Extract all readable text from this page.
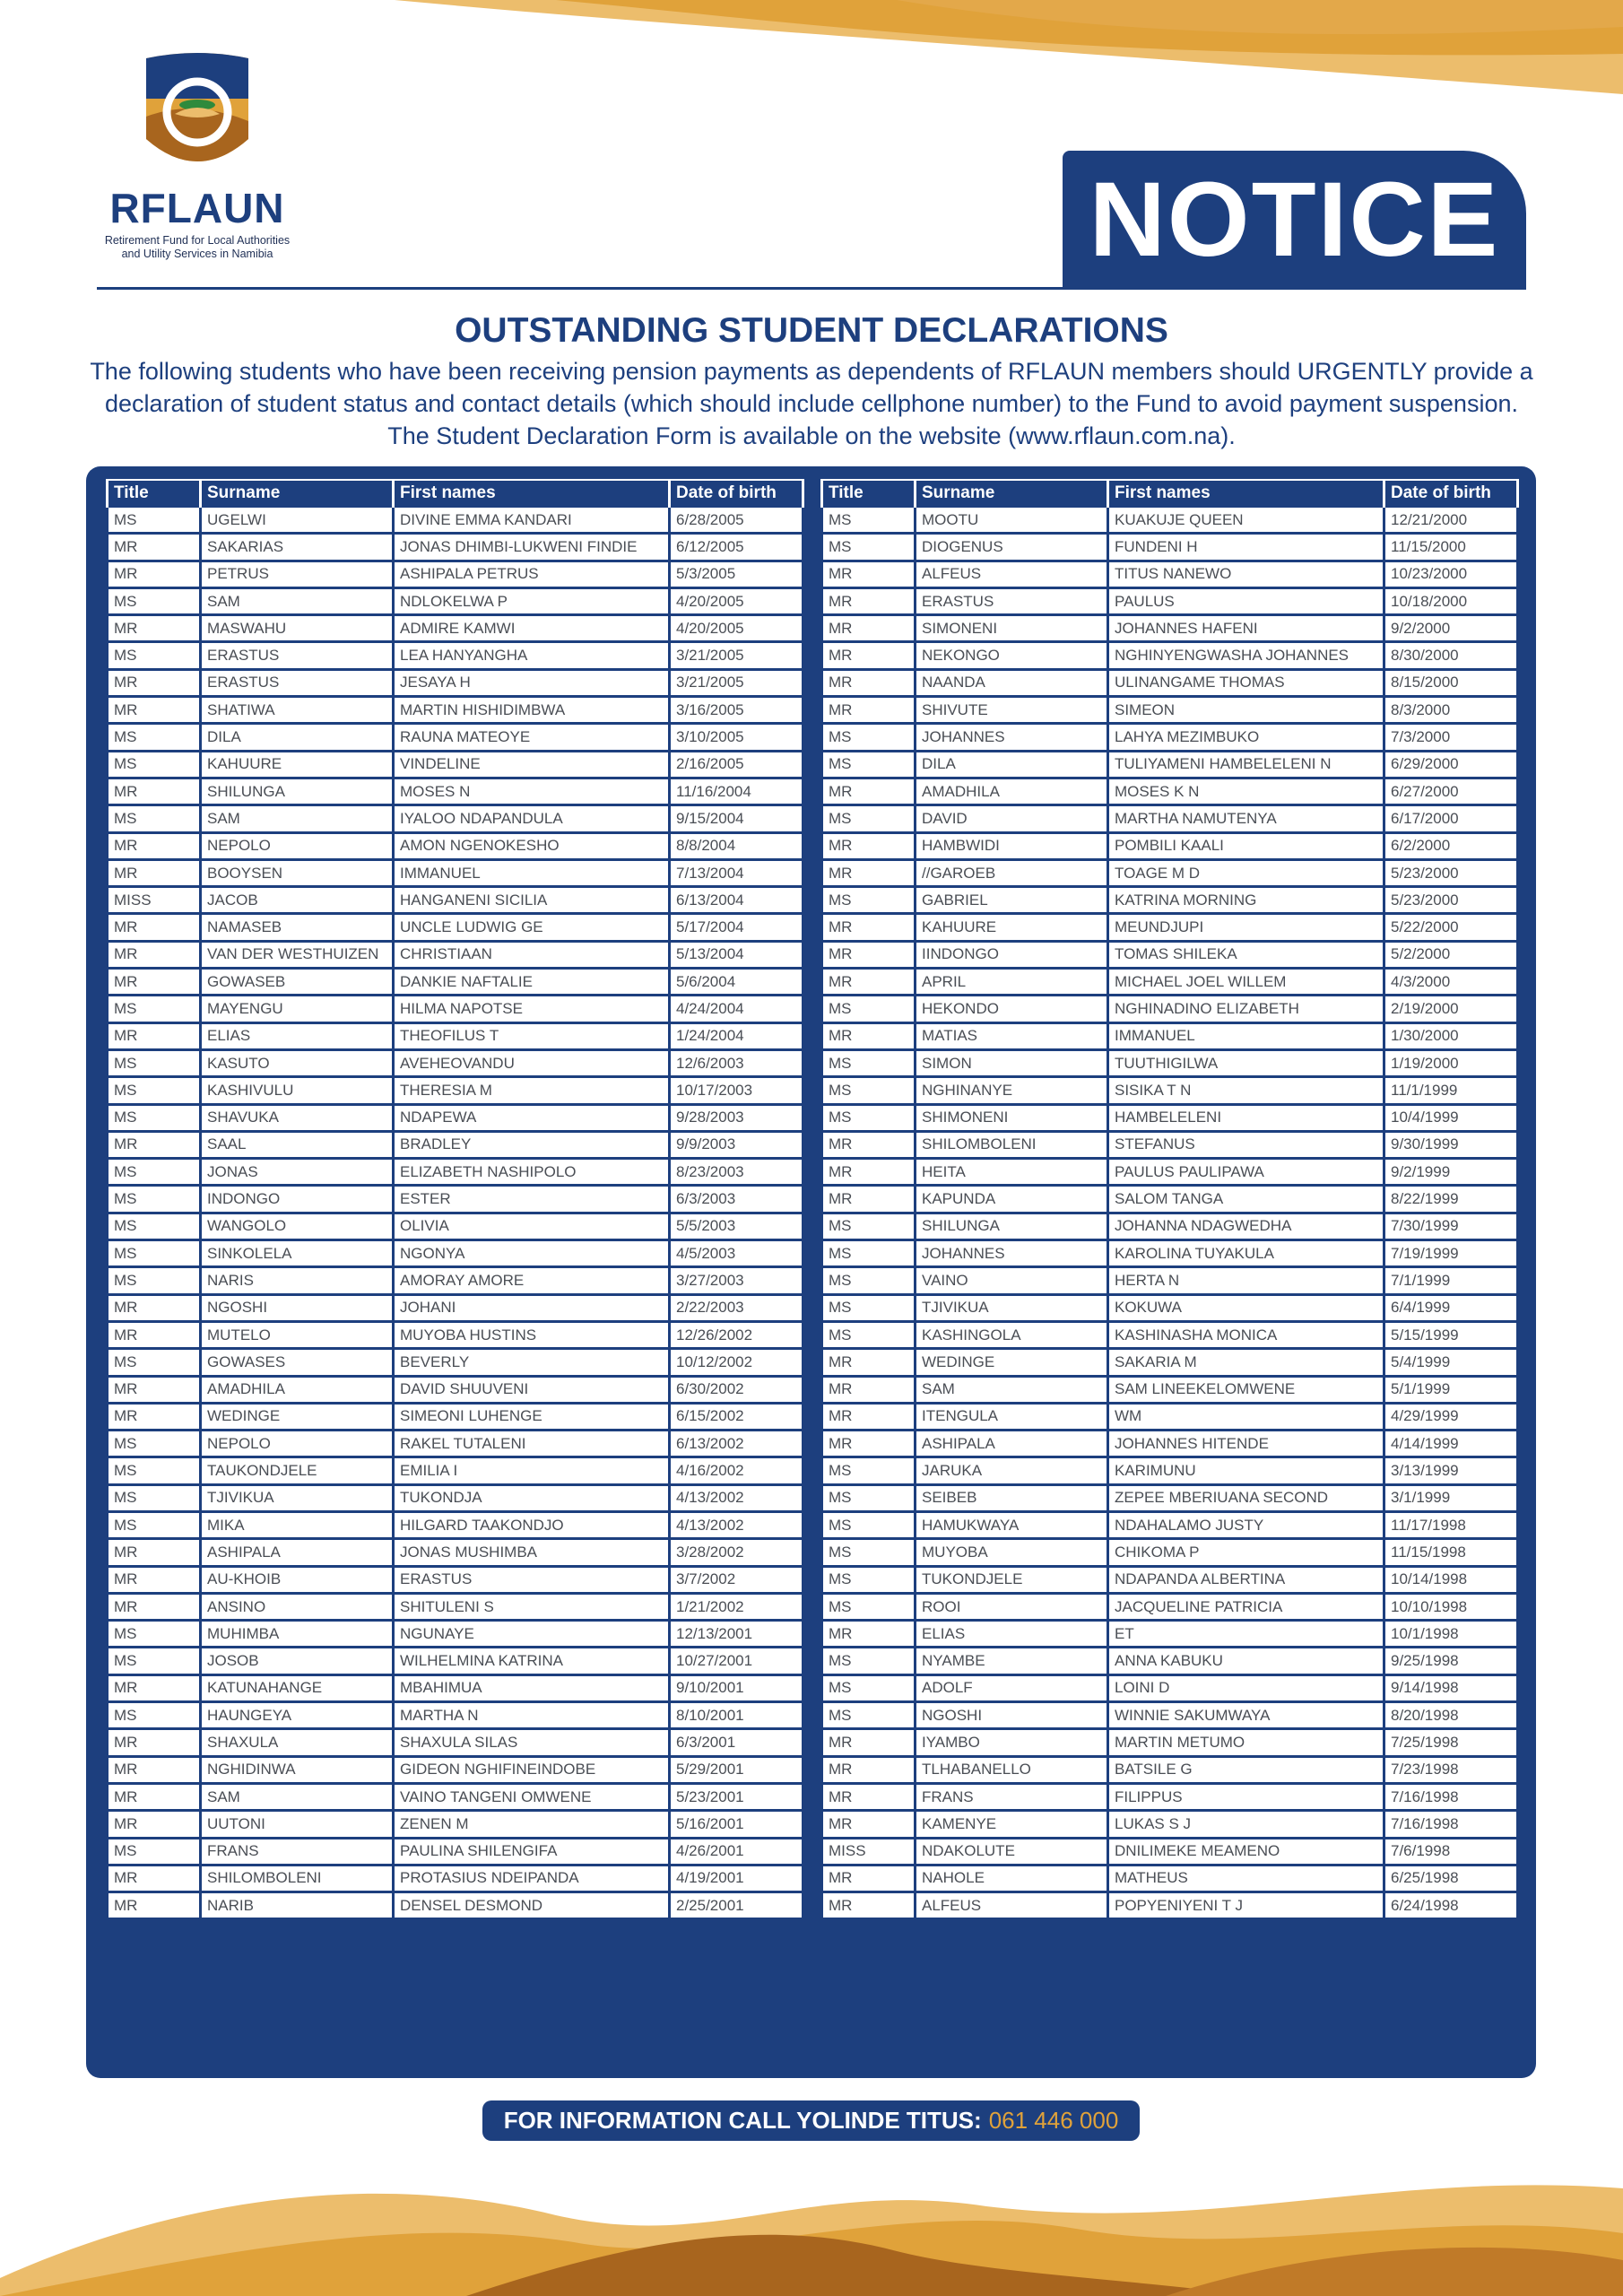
RFLAUN
Retirement Fund for Local Authorities
and Utility Services in Namibia	NOTICE
OUTSTANDING STUDENT DECLARATIONS
The following students who have been receiving pension payments as dependents of RFLAUN members should URGENTLY provide a declaration of student status and contact details (which should include cellphone number) to the Fund to avoid payment suspension. The Student Declaration Form is available on the website (www.rflaun.com.na).
Title	Surname	First names	Date of birth
MS	UGELWI	DIVINE EMMA KANDARI	6/28/2005
MR	SAKARIAS	JONAS DHIMBI-LUKWENI FINDIE	6/12/2005
MR	PETRUS	ASHIPALA PETRUS	5/3/2005
MS	SAM	NDLOKELWA P	4/20/2005
MR	MASWAHU	ADMIRE KAMWI	4/20/2005
MS	ERASTUS	LEA HANYANGHA	3/21/2005
MR	ERASTUS	JESAYA H	3/21/2005
MR	SHATIWA	MARTIN HISHIDIMBWA	3/16/2005
MS	DILA	RAUNA MATEOYE	3/10/2005
MS	KAHUURE	VINDELINE	2/16/2005
MR	SHILUNGA	MOSES N	11/16/2004
MS	SAM	IYALOO NDAPANDULA	9/15/2004
MR	NEPOLO	AMON NGENOKESHO	8/8/2004
MR	BOOYSEN	IMMANUEL	7/13/2004
MISS	JACOB	HANGANENI SICILIA	6/13/2004
MR	NAMASEB	UNCLE LUDWIG GE	5/17/2004
MR	VAN DER WESTHUIZEN	CHRISTIAAN	5/13/2004
MR	GOWASEB	DANKIE NAFTALIE	5/6/2004
MS	MAYENGU	HILMA NAPOTSE	4/24/2004
MR	ELIAS	THEOFILUS T	1/24/2004
MS	KASUTO	AVEHEOVANDU	12/6/2003
MS	KASHIVULU	THERESIA M	10/17/2003
MS	SHAVUKA	NDAPEWA	9/28/2003
MR	SAAL	BRADLEY	9/9/2003
MS	JONAS	ELIZABETH NASHIPOLO	8/23/2003
MS	INDONGO	ESTER	6/3/2003
MS	WANGOLO	OLIVIA	5/5/2003
MS	SINKOLELA	NGONYA	4/5/2003
MS	NARIS	AMORAY AMORE	3/27/2003
MR	NGOSHI	JOHANI	2/22/2003
MR	MUTELO	MUYOBA HUSTINS	12/26/2002
MS	GOWASES	BEVERLY	10/12/2002
MR	AMADHILA	DAVID SHUUVENI	6/30/2002
MR	WEDINGE	SIMEONI LUHENGE	6/15/2002
MS	NEPOLO	RAKEL TUTALENI	6/13/2002
MS	TAUKONDJELE	EMILIA I	4/16/2002
MS	TJIVIKUA	TUKONDJA	4/13/2002
MS	MIKA	HILGARD TAAKONDJO	4/13/2002
MR	ASHIPALA	JONAS MUSHIMBA	3/28/2002
MR	AU-KHOIB	ERASTUS	3/7/2002
MR	ANSINO	SHITULENI S	1/21/2002
MS	MUHIMBA	NGUNAYE	12/13/2001
MS	JOSOB	WILHELMINA KATRINA	10/27/2001
MR	KATUNAHANGE	MBAHIMUA	9/10/2001
MS	HAUNGEYA	MARTHA N	8/10/2001
MR	SHAXULA	SHAXULA SILAS	6/3/2001
MR	NGHIDINWA	GIDEON NGHIFINEINDOBE	5/29/2001
MR	SAM	VAINO TANGENI OMWENE	5/23/2001
MR	UUTONI	ZENEN M	5/16/2001
MS	FRANS	PAULINA SHILENGIFA	4/26/2001
MR	SHILOMBOLENI	PROTASIUS NDEIPANDA	4/19/2001
MR	NARIB	DENSEL DESMOND	2/25/2001
Title	Surname	First names	Date of birth
MS	MOOTU	KUAKUJE QUEEN	12/21/2000
MS	DIOGENUS	FUNDENI H	11/15/2000
MR	ALFEUS	TITUS NANEWO	10/23/2000
MR	ERASTUS	PAULUS	10/18/2000
MR	SIMONENI	JOHANNES HAFENI	9/2/2000
MR	NEKONGO	NGHINYENGWASHA JOHANNES	8/30/2000
MR	NAANDA	ULINANGAME THOMAS	8/15/2000
MR	SHIVUTE	SIMEON	8/3/2000
MS	JOHANNES	LAHYA MEZIMBUKO	7/3/2000
MS	DILA	TULIYAMENI HAMBELELENI N	6/29/2000
MR	AMADHILA	MOSES K N	6/27/2000
MS	DAVID	MARTHA NAMUTENYA	6/17/2000
MR	HAMBWIDI	POMBILI KAALI	6/2/2000
MR	//GAROEB	TOAGE M D	5/23/2000
MS	GABRIEL	KATRINA MORNING	5/23/2000
MR	KAHUURE	MEUNDJUPI	5/22/2000
MR	IINDONGO	TOMAS SHILEKA	5/2/2000
MR	APRIL	MICHAEL JOEL WILLEM	4/3/2000
MS	HEKONDO	NGHINADINO ELIZABETH	2/19/2000
MR	MATIAS	IMMANUEL	1/30/2000
MS	SIMON	TUUTHIGILWA	1/19/2000
MS	NGHINANYE	SISIKA T N	11/1/1999
MS	SHIMONENI	HAMBELELENI	10/4/1999
MR	SHILOMBOLENI	STEFANUS	9/30/1999
MR	HEITA	PAULUS PAULIPAWA	9/2/1999
MR	KAPUNDA	SALOM TANGA	8/22/1999
MS	SHILUNGA	JOHANNA NDAGWEDHA	7/30/1999
MS	JOHANNES	KAROLINA TUYAKULA	7/19/1999
MS	VAINO	HERTA N	7/1/1999
MS	TJIVIKUA	KOKUWA	6/4/1999
MS	KASHINGOLA	KASHINASHA MONICA	5/15/1999
MR	WEDINGE	SAKARIA M	5/4/1999
MR	SAM	SAM LINEEKELOMWENE	5/1/1999
MR	ITENGULA	WM	4/29/1999
MR	ASHIPALA	JOHANNES HITENDE	4/14/1999
MS	JARUKA	KARIMUNU	3/13/1999
MS	SEIBEB	ZEPEE MBERIUANA SECOND	3/1/1999
MS	HAMUKWAYA	NDAHALAMO JUSTY	11/17/1998
MS	MUYOBA	CHIKOMA P	11/15/1998
MS	TUKONDJELE	NDAPANDA ALBERTINA	10/14/1998
MS	ROOI	JACQUELINE PATRICIA	10/10/1998
MR	ELIAS	ET	10/1/1998
MS	NYAMBE	ANNA KABUKU	9/25/1998
MS	ADOLF	LOINI D	9/14/1998
MS	NGOSHI	WINNIE SAKUMWAYA	8/20/1998
MR	IYAMBO	MARTIN METUMO	7/25/1998
MR	TLHABANELLO	BATSILE G	7/23/1998
MR	FRANS	FILIPPUS	7/16/1998
MR	KAMENYE	LUKAS S J	7/16/1998
MISS	NDAKOLUTE	DNILIMEKE MEAMENO	7/6/1998
MR	NAHOLE	MATHEUS	6/25/1998
MR	ALFEUS	POPYENIYENI T J	6/24/1998
FOR INFORMATION CALL YOLINDE TITUS: 061 446 000
